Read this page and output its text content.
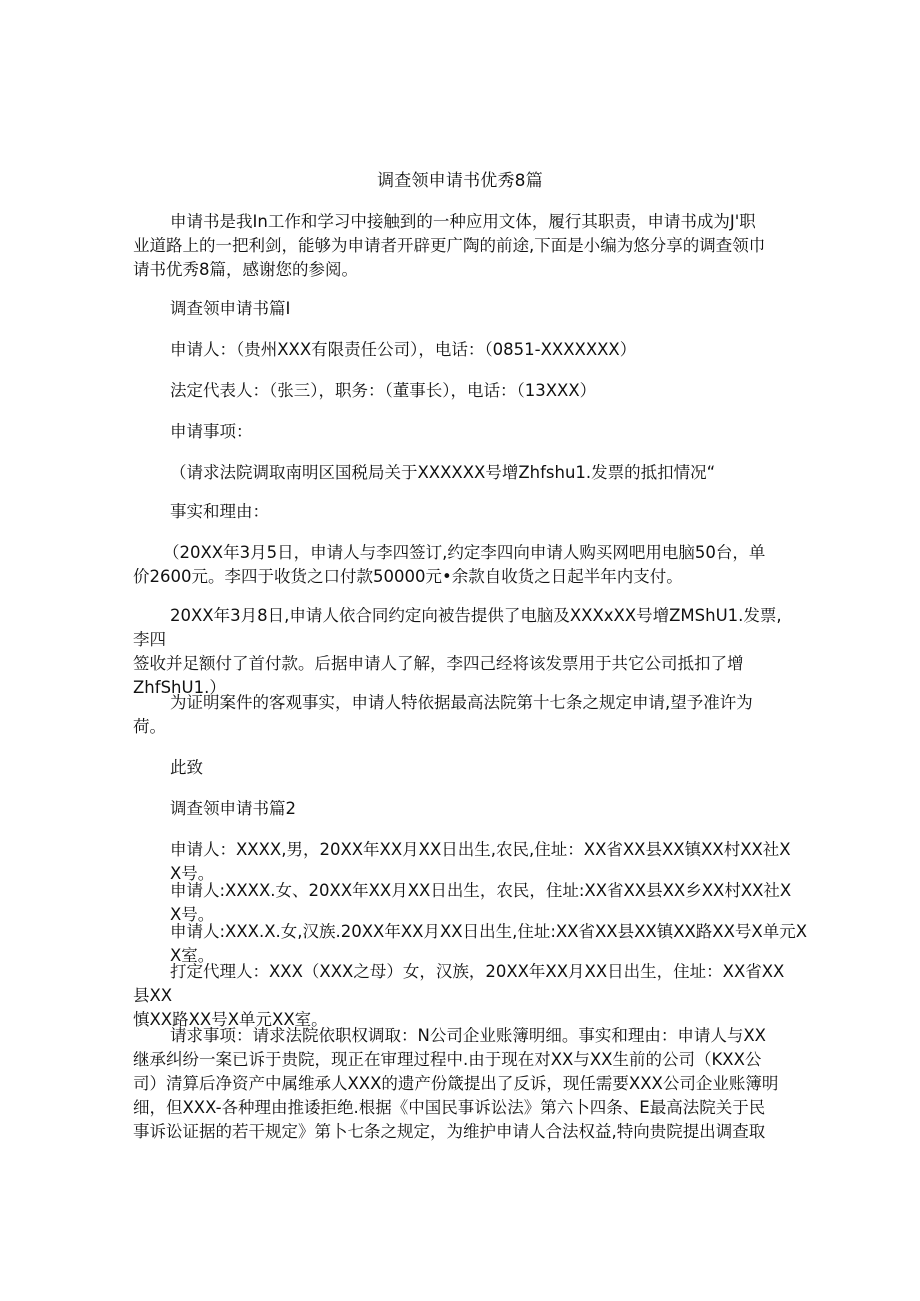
调查领申请书优秀8篇

申请书是我In工作和学习中接触到的一种应用文体，履行其职责，申请书成为J'职
业道路上的一把利剑，能够为申请者开辟更广陶的前途,下面是小编为悠分享的调查领巾
请书优秀8篇，感谢您的参阅。

调查领申请书篇I

申请人：（贵州XXX有限责任公司），电话：（0851-XXXXXXX）

法定代表人：（张三），职务：（董事长），电话：（13XXX）

申请事项：

（请求法院调取南明区国税局关于XXXXXX号增Zhfshu1.发票的抵扣情况“

事实和理由：

（20XX年3月5日，申请人与李四签订,约定李四向申请人购买网吧用电脑50台，单
价2600元。李四于收货之口付款50000元•余款自收货之日起半年内支付。

20XX年3月8日,申请人依合同约定向被告提供了电脑及XXXxXX号增ZMShU1.发票,李四
签收并足额付了首付款。后据申请人了解，李四己经将该发票用于共它公司抵扣了增
ZhfShU1.）

为证明案件的客观事实，申请人特依据最高法院第十七条之规定申请,望予准许为
荷。

此致

调查领申请书篇2

申请人：XXXX,男，20XX年XX月XX日出生,农民,住址：XX省XX县XX镇XX村XX社XX号。

申请人:XXXX.女、20XX年XX月XX日出生，农民，住址:XX省XX县XX乡XX村XX社XX号。

申请人:XXX.X.女,汉族.20XX年XX月XX日出生,住址:XX省XX县XX镇XX路XX号X单元XX室。

打定代理人：XXX（XXX之母）女，汉族，20XX年XX月XX日出生，住址：XX省XX县XX
慎XX路XX号X单元XX室。

请求事项：请求法院依职权调取：N公司企业账簿明细。事实和理由：申请人与XX
继承纠纷一案已诉于贵院，现正在审理过程中.由于现在对XX与XX生前的公司（KXX公
司）清算后净资产中属维承人XXX的遗产份箴提出了反诉，现任需要XXX公司企业账簿明
细，但XXX-各种理由推诿拒绝.根据《中国民事诉讼法》第六卜四条、E最高法院关于民
事诉讼证据的若干规定》第卜七条之规定，为维护申请人合法权益,特向贵院提出调查取
